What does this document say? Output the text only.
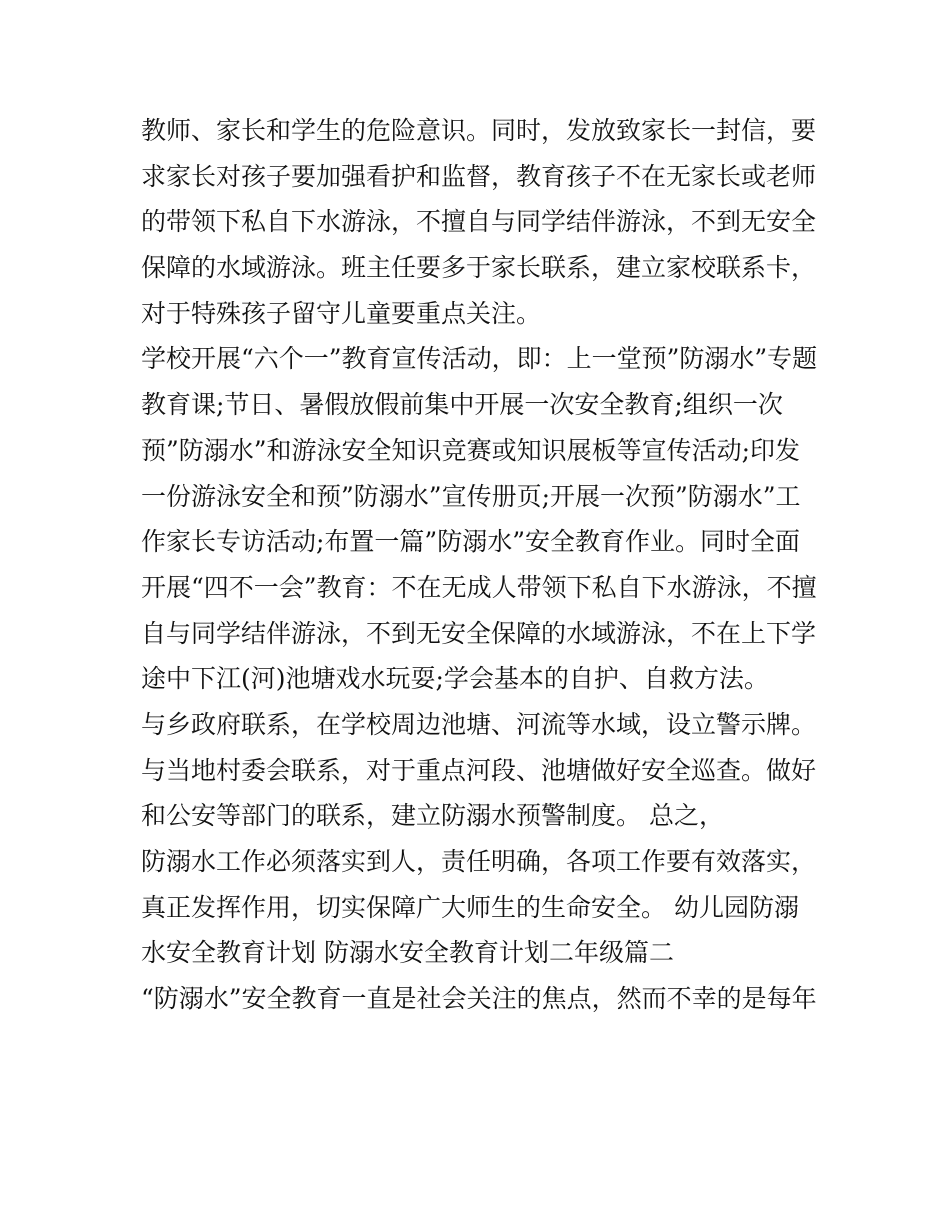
教师、家长和学生的危险意识。同时，发放致家长一封信，要
求家长对孩子要加强看护和监督，教育孩子不在无家长或老师
的带领下私自下水游泳，不擅自与同学结伴游泳，不到无安全
保障的水域游泳。班主任要多于家长联系，建立家校联系卡，
对于特殊孩子留守儿童要重点关注。
学校开展“六个一”教育宣传活动，即：上一堂预”防溺水”专题
教育课;节日、暑假放假前集中开展一次安全教育;组织一次
预”防溺水”和游泳安全知识竞赛或知识展板等宣传活动;印发
一份游泳安全和预”防溺水”宣传册页;开展一次预”防溺水”工
作家长专访活动;布置一篇”防溺水”安全教育作业。同时全面
开展“四不一会”教育：不在无成人带领下私自下水游泳，不擅
自与同学结伴游泳，不到无安全保障的水域游泳，不在上下学
途中下江(河)池塘戏水玩耍;学会基本的自护、自救方法。
与乡政府联系，在学校周边池塘、河流等水域，设立警示牌。
与当地村委会联系，对于重点河段、池塘做好安全巡查。做好
和公安等部门的联系，建立防溺水预警制度。 总之，
防溺水工作必须落实到人，责任明确，各项工作要有效落实，
真正发挥作用，切实保障广大师生的生命安全。 幼儿园防溺
水安全教育计划 防溺水安全教育计划二年级篇二
“防溺水”安全教育一直是社会关注的焦点，然而不幸的是每年
